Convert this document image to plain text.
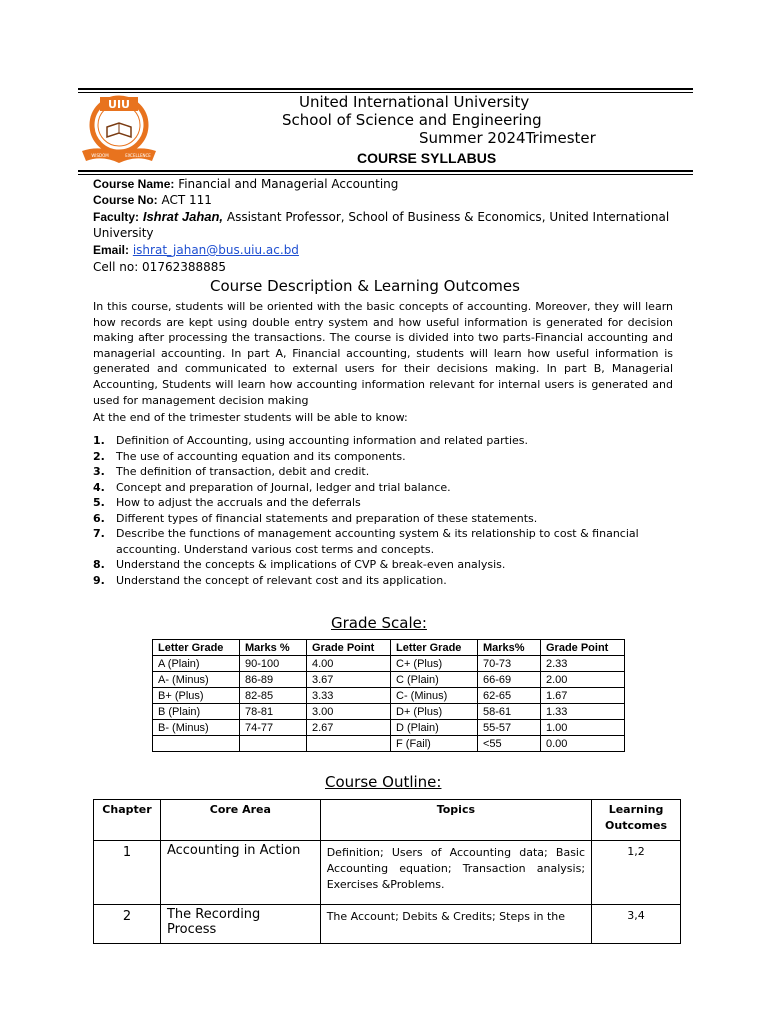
UIU
WISDOM	EXCELLENCE
United International University
School of Science and Engineering
Summer 2024Trimester
COURSE SYLLABUS
Course Name: Financial and Managerial Accounting
Course No: ACT 111
Faculty: Ishrat Jahan, Assistant Professor, School of Business & Economics, United International
University
Email: ishrat_jahan@bus.uiu.ac.bd
Cell no: 01762388885
Course Description & Learning Outcomes
In this course, students will be oriented with the basic concepts of accounting. Moreover, they will learn how records are kept using double entry system and how useful information is generated for decision making after processing the transactions. The course is divided into two parts-Financial accounting and managerial accounting. In part A, Financial accounting, students will learn how useful information is generated and communicated to external users for their decisions making. In part B, Managerial Accounting, Students will learn how accounting information relevant for internal users is generated and used for management decision making
At the end of the trimester students will be able to know:
1. Definition of Accounting, using accounting information and related parties.
2. The use of accounting equation and its components.
3. The definition of transaction, debit and credit.
4. Concept and preparation of Journal, ledger and trial balance.
5. How to adjust the accruals and the deferrals
6. Different types of financial statements and preparation of these statements.
7. Describe the functions of management accounting system & its relationship to cost & financial accounting. Understand various cost terms and concepts.
8. Understand the concepts & implications of CVP & break-even analysis.
9. Understand the concept of relevant cost and its application.
Grade Scale:
Letter Grade	Marks %	Grade Point	Letter Grade	Marks%	Grade Point
A (Plain)	90-100	4.00	C+ (Plus)	70-73	2.33
A- (Minus)	86-89	3.67	C (Plain)	66-69	2.00
B+ (Plus)	82-85	3.33	C- (Minus)	62-65	1.67
B (Plain)	78-81	3.00	D+ (Plus)	58-61	1.33
B- (Minus)	74-77	2.67	D (Plain)	55-57	1.00
			F (Fail)	<55	0.00
Course Outline:
Chapter	Core Area	Topics	Learning Outcomes
1	Accounting in Action	Definition; Users of Accounting data; Basic Accounting equation; Transaction analysis; Exercises &Problems.	1,2
2	The Recording Process	The Account; Debits & Credits; Steps in the	3,4
